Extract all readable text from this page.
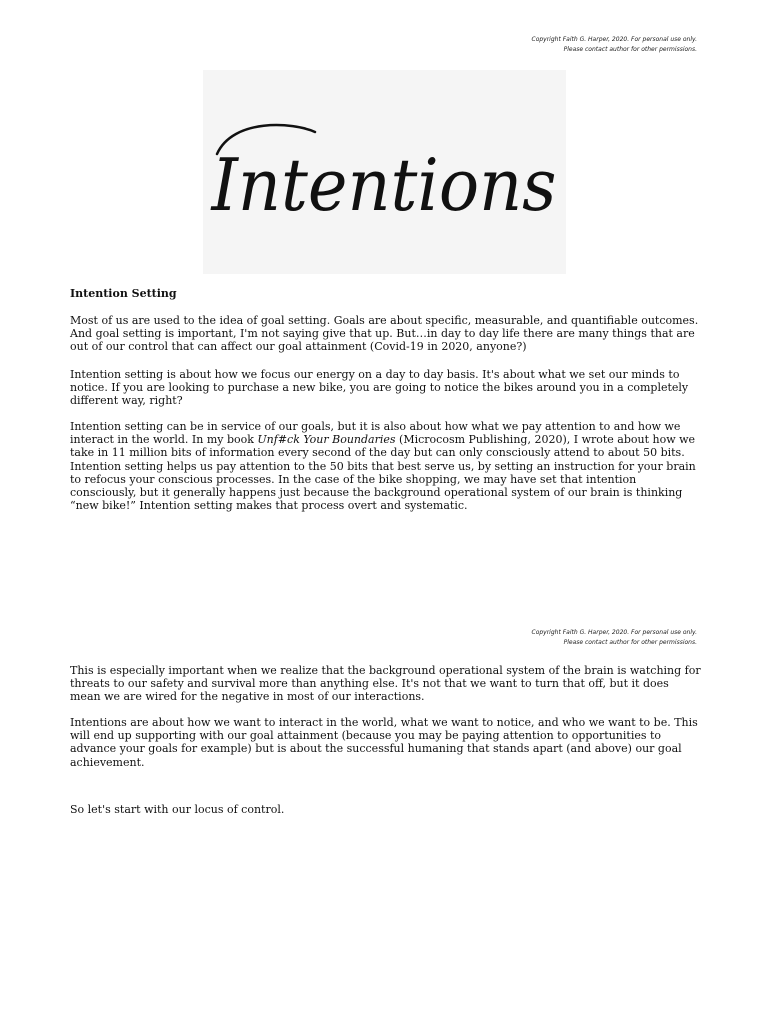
Copyright Faith G. Harper, 2020. For personal use only.
Please contact author for other permissions.
Intentions

Intention Setting

Most of us are used to the idea of goal setting. Goals are about specific, measurable, and quantifiable outcomes. And goal setting is important, I'm not saying give that up. But…in day to day life there are many things that are out of our control that can affect our goal attainment (Covid-19 in 2020, anyone?)

Intention setting is about how we focus our energy on a day to day basis. It's about what we set our minds to notice. If you are looking to purchase a new bike, you are going to notice the bikes around you in a completely different way, right?

Intention setting can be in service of our goals, but it is also about how what we pay attention to and how we interact in the world. In my book Unf#ck Your Boundaries (Microcosm Publishing, 2020), I wrote about how we take in 11 million bits of information every second of the day but can only consciously attend to about 50 bits. Intention setting helps us pay attention to the 50 bits that best serve us, by setting an instruction for your brain to refocus your conscious processes. In the case of the bike shopping, we may have set that intention consciously, but it generally happens just because the background operational system of our brain is thinking “new bike!” Intention setting makes that process overt and systematic.

Copyright Faith G. Harper, 2020. For personal use only.
Please contact author for other permissions.

This is especially important when we realize that the background operational system of the brain is watching for threats to our safety and survival more than anything else. It's not that we want to turn that off, but it does mean we are wired for the negative in most of our interactions.

Intentions are about how we want to interact in the world, what we want to notice, and who we want to be. This will end up supporting with our goal attainment (because you may be paying attention to opportunities to advance your goals for example) but is about the successful humaning that stands apart (and above) our goal achievement.

So let's start with our locus of control.
